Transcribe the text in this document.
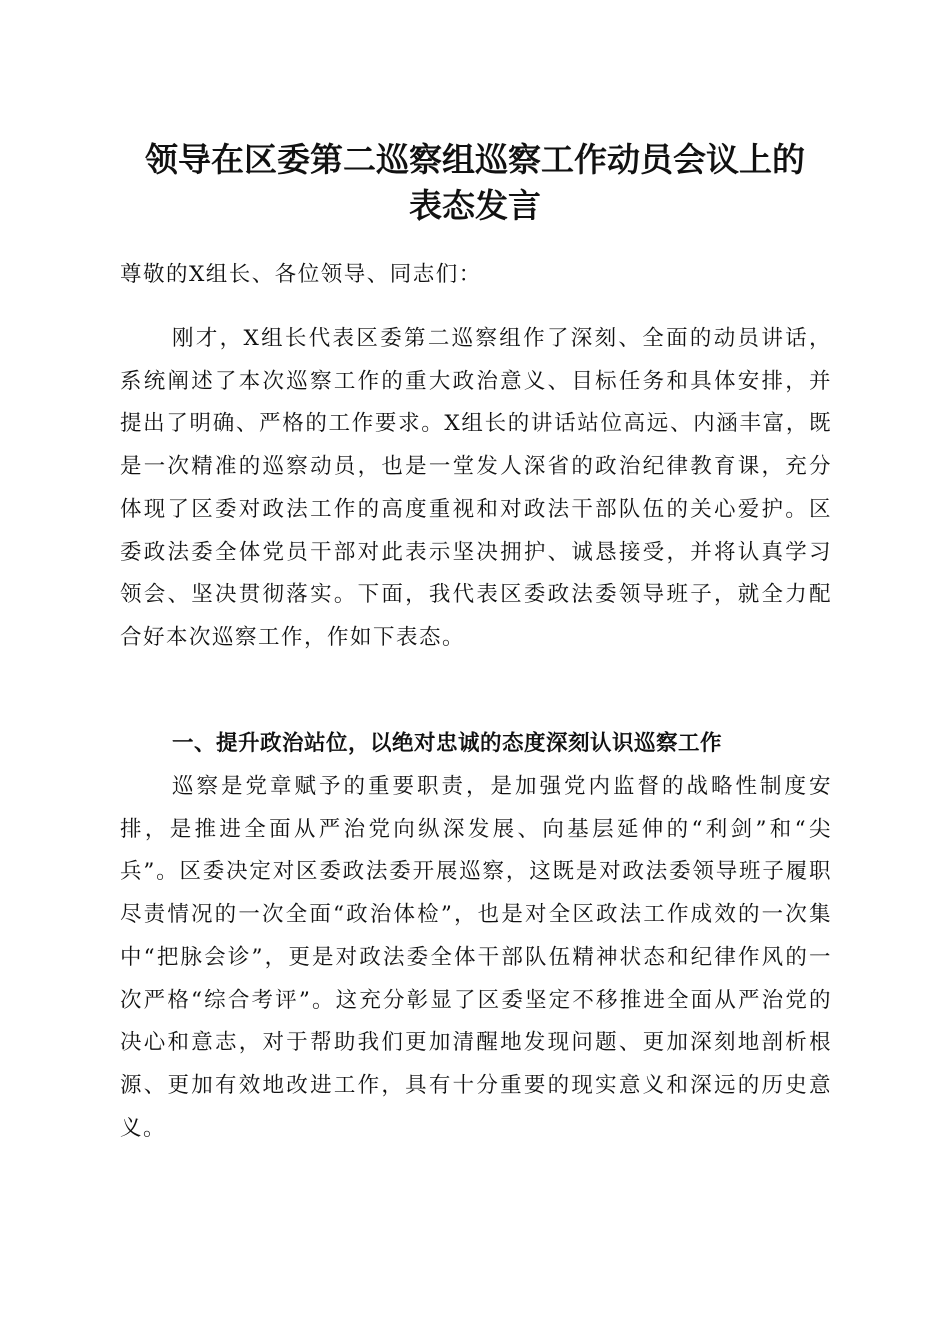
领导在区委第二巡察组巡察工作动员会议上的
表态发言

尊敬的X组长、各位领导、同志们：

刚才，X组长代表区委第二巡察组作了深刻、全面的动员讲话，系统阐述了本次巡察工作的重大政治意义、目标任务和具体安排，并提出了明确、严格的工作要求。X组长的讲话站位高远、内涵丰富，既是一次精准的巡察动员，也是一堂发人深省的政治纪律教育课，充分体现了区委对政法工作的高度重视和对政法干部队伍的关心爱护。区委政法委全体党员干部对此表示坚决拥护、诚恳接受，并将认真学习领会、坚决贯彻落实。下面，我代表区委政法委领导班子，就全力配合好本次巡察工作，作如下表态。

一、提升政治站位，以绝对忠诚的态度深刻认识巡察工作

巡察是党章赋予的重要职责，是加强党内监督的战略性制度安排，是推进全面从严治党向纵深发展、向基层延伸的“利剑”和“尖兵”。区委决定对区委政法委开展巡察，这既是对政法委领导班子履职尽责情况的一次全面“政治体检”，也是对全区政法工作成效的一次集中“把脉会诊”，更是对政法委全体干部队伍精神状态和纪律作风的一次严格“综合考评”。这充分彰显了区委坚定不移推进全面从严治党的决心和意志，对于帮助我们更加清醒地发现问题、更加深刻地剖析根源、更加有效地改进工作，具有十分重要的现实意义和深远的历史意义。
